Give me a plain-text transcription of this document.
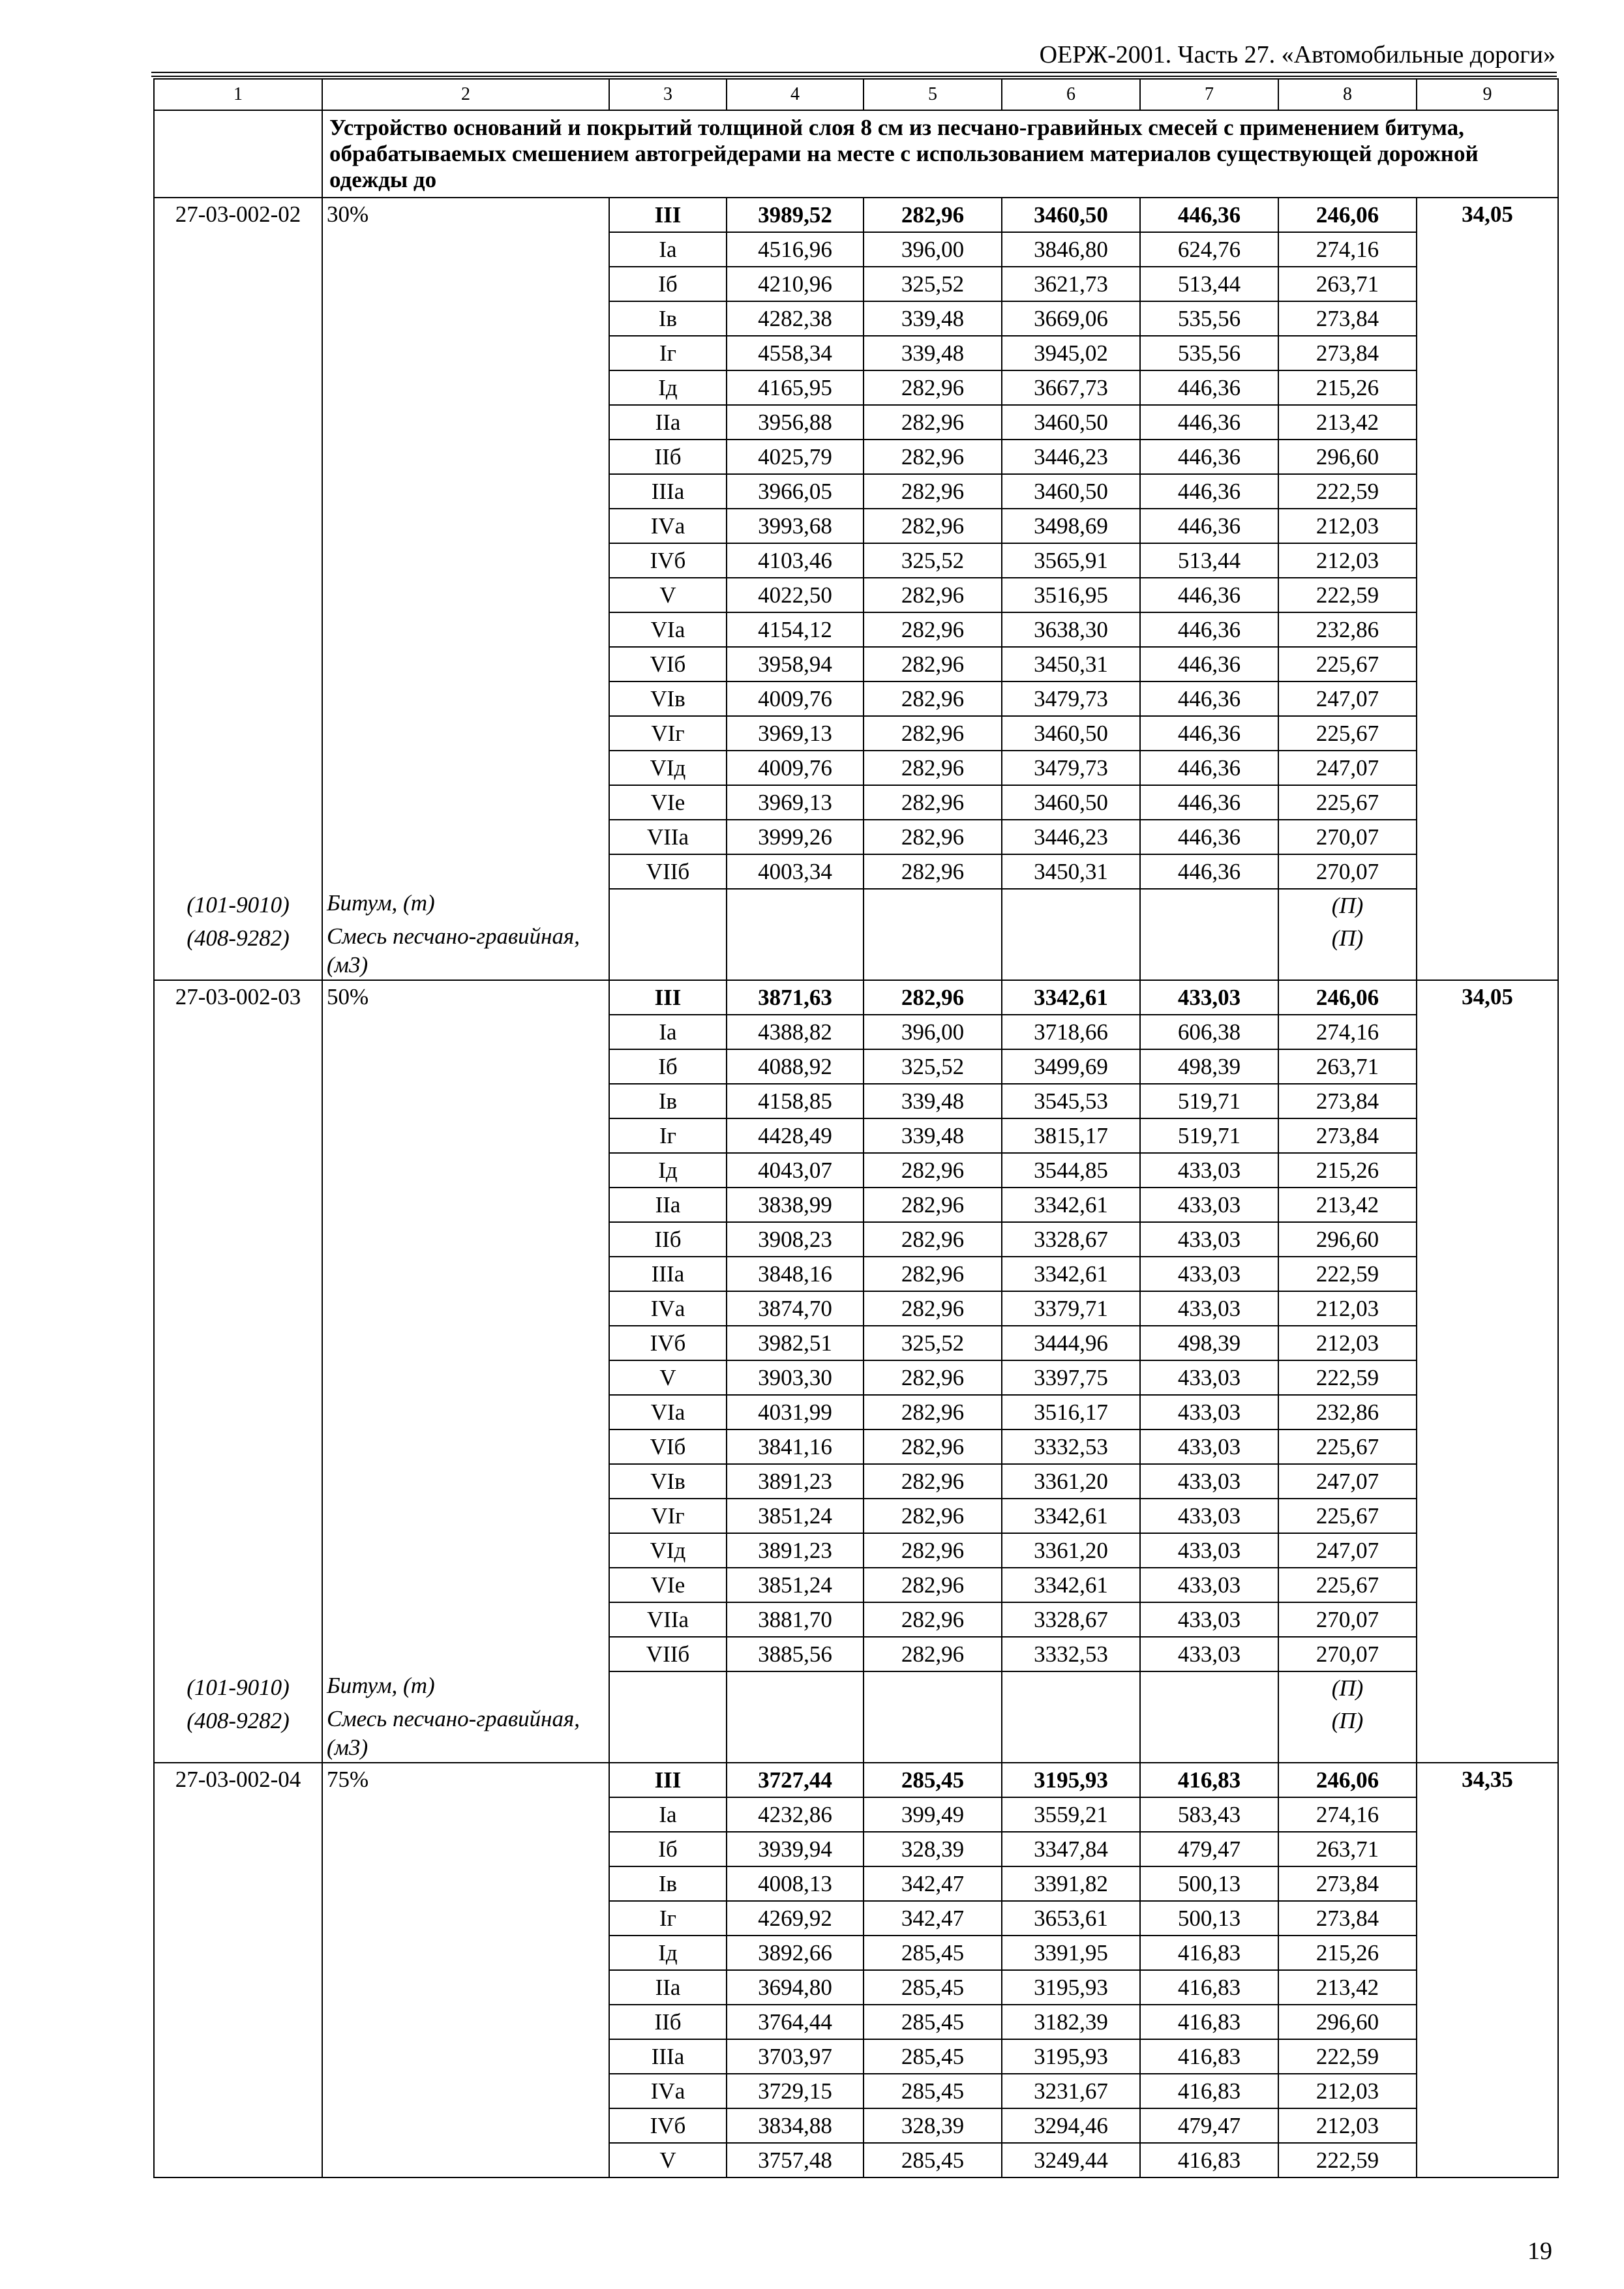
ОЕРЖ-2001. Часть 27. «Автомобильные дороги»
1	2	3	4	5	6	7	8	9
	Устройство оснований и покрытий толщиной слоя 8 см из песчано-гравийных смесей с применением битума, обрабатываемых смешением автогрейдерами на месте с использованием материалов существующей дорожной одежды до							
27-03-002-02	30%	III	3989,52	282,96	3460,50	446,36	246,06	34,05
		Iа	4516,96	396,00	3846,80	624,76	274,16	
		Iб	4210,96	325,52	3621,73	513,44	263,71	
		Iв	4282,38	339,48	3669,06	535,56	273,84	
		Iг	4558,34	339,48	3945,02	535,56	273,84	
		Iд	4165,95	282,96	3667,73	446,36	215,26	
		IIа	3956,88	282,96	3460,50	446,36	213,42	
		IIб	4025,79	282,96	3446,23	446,36	296,60	
		IIIа	3966,05	282,96	3460,50	446,36	222,59	
		IVа	3993,68	282,96	3498,69	446,36	212,03	
		IVб	4103,46	325,52	3565,91	513,44	212,03	
		V	4022,50	282,96	3516,95	446,36	222,59	
		VIа	4154,12	282,96	3638,30	446,36	232,86	
		VIб	3958,94	282,96	3450,31	446,36	225,67	
		VIв	4009,76	282,96	3479,73	446,36	247,07	
		VIг	3969,13	282,96	3460,50	446,36	225,67	
		VIд	4009,76	282,96	3479,73	446,36	247,07	
		VIе	3969,13	282,96	3460,50	446,36	225,67	
		VIIа	3999,26	282,96	3446,23	446,36	270,07	
		VIIб	4003,34	282,96	3450,31	446,36	270,07	
(101-9010)	Битум, (т)						(П)	
(408-9282)	Смесь песчано-гравийная, (м3)						(П)	
27-03-002-03	50%	III	3871,63	282,96	3342,61	433,03	246,06	34,05
		Iа	4388,82	396,00	3718,66	606,38	274,16	
		Iб	4088,92	325,52	3499,69	498,39	263,71	
		Iв	4158,85	339,48	3545,53	519,71	273,84	
		Iг	4428,49	339,48	3815,17	519,71	273,84	
		Iд	4043,07	282,96	3544,85	433,03	215,26	
		IIа	3838,99	282,96	3342,61	433,03	213,42	
		IIб	3908,23	282,96	3328,67	433,03	296,60	
		IIIа	3848,16	282,96	3342,61	433,03	222,59	
		IVа	3874,70	282,96	3379,71	433,03	212,03	
		IVб	3982,51	325,52	3444,96	498,39	212,03	
		V	3903,30	282,96	3397,75	433,03	222,59	
		VIа	4031,99	282,96	3516,17	433,03	232,86	
		VIб	3841,16	282,96	3332,53	433,03	225,67	
		VIв	3891,23	282,96	3361,20	433,03	247,07	
		VIг	3851,24	282,96	3342,61	433,03	225,67	
		VIд	3891,23	282,96	3361,20	433,03	247,07	
		VIе	3851,24	282,96	3342,61	433,03	225,67	
		VIIа	3881,70	282,96	3328,67	433,03	270,07	
		VIIб	3885,56	282,96	3332,53	433,03	270,07	
(101-9010)	Битум, (т)						(П)	
(408-9282)	Смесь песчано-гравийная, (м3)						(П)	
27-03-002-04	75%	III	3727,44	285,45	3195,93	416,83	246,06	34,35
		Iа	4232,86	399,49	3559,21	583,43	274,16	
		Iб	3939,94	328,39	3347,84	479,47	263,71	
		Iв	4008,13	342,47	3391,82	500,13	273,84	
		Iг	4269,92	342,47	3653,61	500,13	273,84	
		Iд	3892,66	285,45	3391,95	416,83	215,26	
		IIа	3694,80	285,45	3195,93	416,83	213,42	
		IIб	3764,44	285,45	3182,39	416,83	296,60	
		IIIа	3703,97	285,45	3195,93	416,83	222,59	
		IVа	3729,15	285,45	3231,67	416,83	212,03	
		IVб	3834,88	328,39	3294,46	479,47	212,03	
		V	3757,48	285,45	3249,44	416,83	222,59	
19
